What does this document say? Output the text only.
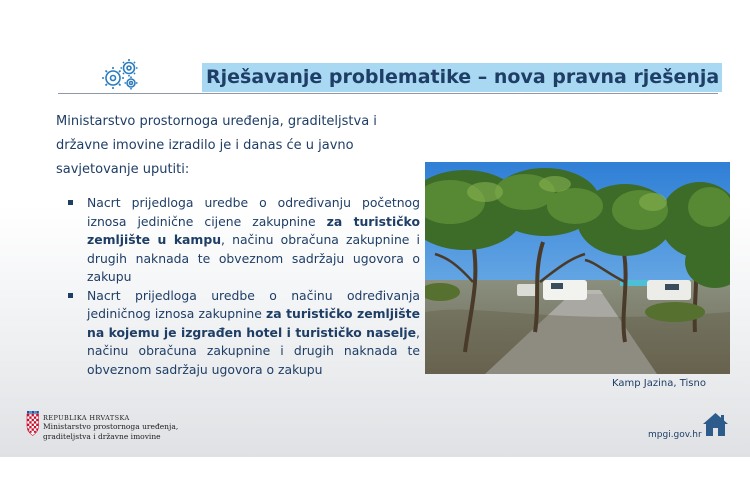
Rješavanje problematike – nova pravna rješenja
Ministarstvo prostornoga uređenja, graditeljstva i
državne imovine izradilo je i danas će u javno
savjetovanje uputiti:
Nacrt prijedloga uredbe o određivanju početnog iznosa jedinične cijene zakupnine za turističko zemljište u kampu, načinu obračuna zakupnine i drugih naknada te obveznom sadržaju ugovora o zakupu
Nacrt prijedloga uredbe o načinu određivanja jediničnog iznosa zakupnine za turističko zemljište na kojemu je izgrađen hotel i turističko naselje, načinu obračuna zakupnine i drugih naknada te obveznom sadržaju ugovora o zakupu
Kamp Jazina, Tisno
REPUBLIKA HRVATSKA
Ministarstvo prostornoga uređenja,
graditeljstva i državne imovine	mpgi.gov.hr
